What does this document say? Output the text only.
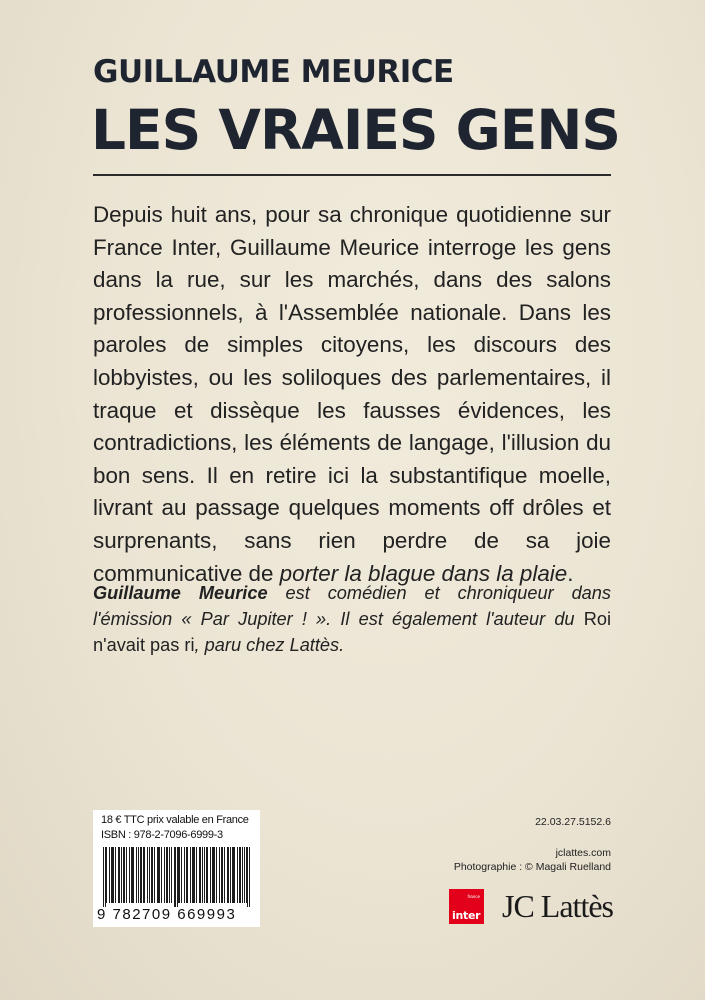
GUILLAUME MEURICE
LES VRAIES GENS

Depuis huit ans, pour sa chronique quotidienne sur France Inter, Guillaume Meurice interroge les gens dans la rue, sur les marchés, dans des salons professionnels, à l'Assemblée nationale. Dans les paroles de simples citoyens, les discours des lobbyistes, ou les soliloques des parlementaires, il traque et dissèque les fausses évidences, les contradictions, les éléments de langage, l'illusion du bon sens. Il en retire ici la substantifique moelle, livrant au passage quelques moments off drôles et surprenants, sans rien perdre de sa joie communicative de porter la blague dans la plaie.

Guillaume Meurice est comédien et chroniqueur dans l'émission « Par Jupiter ! ». Il est également l'auteur du Roi n'avait pas ri, paru chez Lattès.

18 € TTC prix valable en France
ISBN : 978-2-7096-6999-3
9 782709 669993
22.03.27.5152.6
jclattes.com
Photographie : © Magali Ruelland
france
inter JC Lattès
